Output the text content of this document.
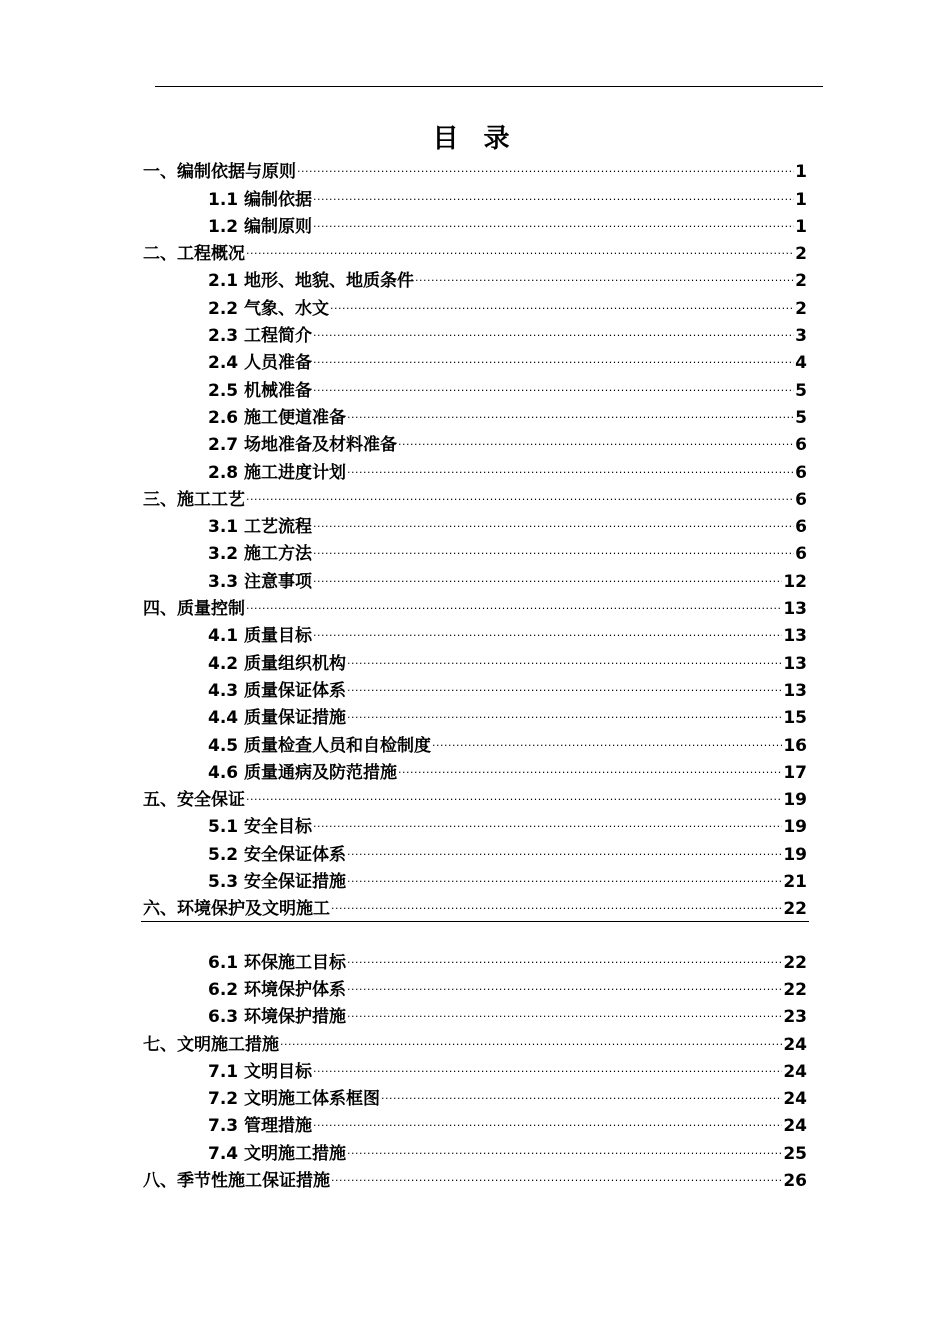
目 录
一、编制依据与原则 .....	1
1.1 编制依据 .....	1
1.2 编制原则 .....	1
二、工程概况 .....	2
2.1 地形、地貌、地质条件 .....	2
2.2 气象、水文 .....	2
2.3 工程简介 .....	3
2.4 人员准备 .....	4
2.5 机械准备 .....	5
2.6 施工便道准备 .....	5
2.7 场地准备及材料准备 .....	6
2.8 施工进度计划 .....	6
三、施工工艺 .....	6
3.1 工艺流程 .....	6
3.2 施工方法 .....	6
3.3 注意事项 .....	12
四、质量控制 .....	13
4.1 质量目标 .....	13
4.2 质量组织机构 .....	13
4.3 质量保证体系 .....	13
4.4 质量保证措施 .....	15
4.5 质量检查人员和自检制度 .....	16
4.6 质量通病及防范措施 .....	17
五、安全保证 .....	19
5.1 安全目标 .....	19
5.2 安全保证体系 .....	19
5.3 安全保证措施 .....	21
六、环境保护及文明施工 .....	22
6.1 环保施工目标 .....	22
6.2 环境保护体系 .....	22
6.3 环境保护措施 .....	23
七、文明施工措施 .....	24
7.1 文明目标 .....	24
7.2 文明施工体系框图 .....	24
7.3 管理措施 .....	24
7.4 文明施工措施 .....	25
八、季节性施工保证措施 .....	26
